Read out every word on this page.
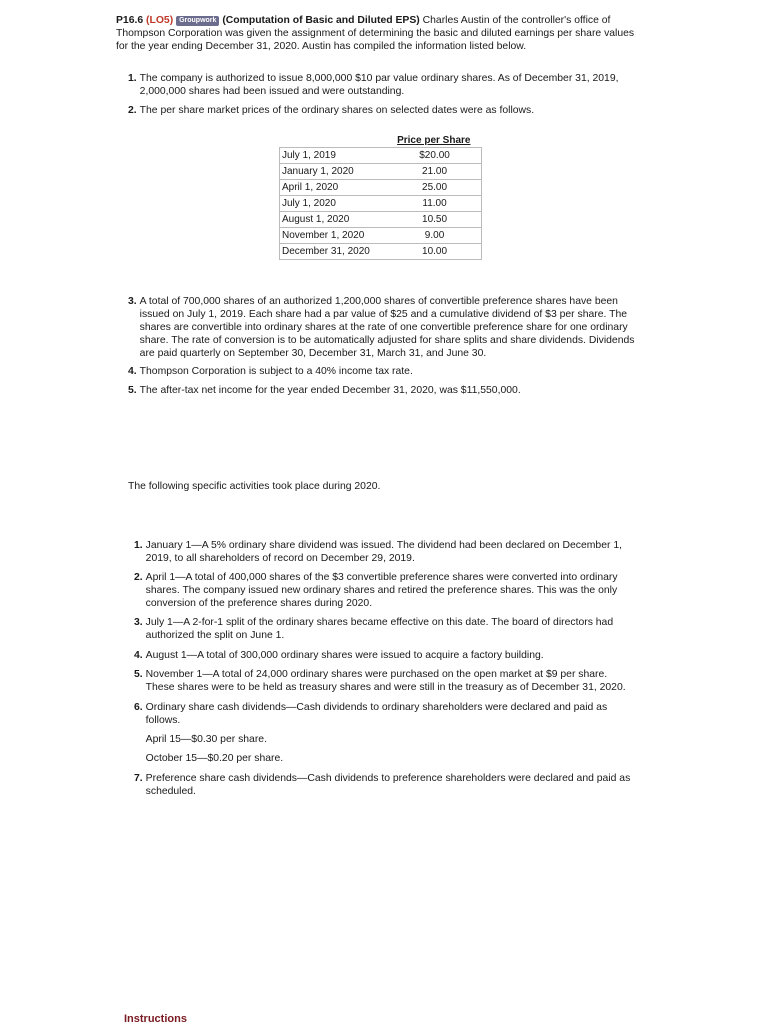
P16.6 (LO5) Groupwork (Computation of Basic and Diluted EPS) Charles Austin of the controller's office of Thompson Corporation was given the assignment of determining the basic and diluted earnings per share values for the year ending December 31, 2020. Austin has compiled the information listed below.
1. The company is authorized to issue 8,000,000 $10 par value ordinary shares. As of December 31, 2019, 2,000,000 shares had been issued and were outstanding.
2. The per share market prices of the ordinary shares on selected dates were as follows.
	Price per Share
July 1, 2019	$20.00
January 1, 2020	21.00
April 1, 2020	25.00
July 1, 2020	11.00
August 1, 2020	10.50
November 1, 2020	9.00
December 31, 2020	10.00
3. A total of 700,000 shares of an authorized 1,200,000 shares of convertible preference shares have been issued on July 1, 2019. Each share had a par value of $25 and a cumulative dividend of $3 per share. The shares are convertible into ordinary shares at the rate of one convertible preference share for one ordinary share. The rate of conversion is to be automatically adjusted for share splits and share dividends. Dividends are paid quarterly on September 30, December 31, March 31, and June 30.
4. Thompson Corporation is subject to a 40% income tax rate.
5. The after-tax net income for the year ended December 31, 2020, was $11,550,000.
The following specific activities took place during 2020.
1. January 1—A 5% ordinary share dividend was issued. The dividend had been declared on December 1, 2019, to all shareholders of record on December 29, 2019.
2. April 1—A total of 400,000 shares of the $3 convertible preference shares were converted into ordinary shares. The company issued new ordinary shares and retired the preference shares. This was the only conversion of the preference shares during 2020.
3. July 1—A 2-for-1 split of the ordinary shares became effective on this date. The board of directors had authorized the split on June 1.
4. August 1—A total of 300,000 ordinary shares were issued to acquire a factory building.
5. November 1—A total of 24,000 ordinary shares were purchased on the open market at $9 per share. These shares were to be held as treasury shares and were still in the treasury as of December 31, 2020.
6. Ordinary share cash dividends—Cash dividends to ordinary shareholders were declared and paid as follows.
April 15—$0.30 per share.
October 15—$0.20 per share.
7. Preference share cash dividends—Cash dividends to preference shareholders were declared and paid as scheduled.
Instructions
